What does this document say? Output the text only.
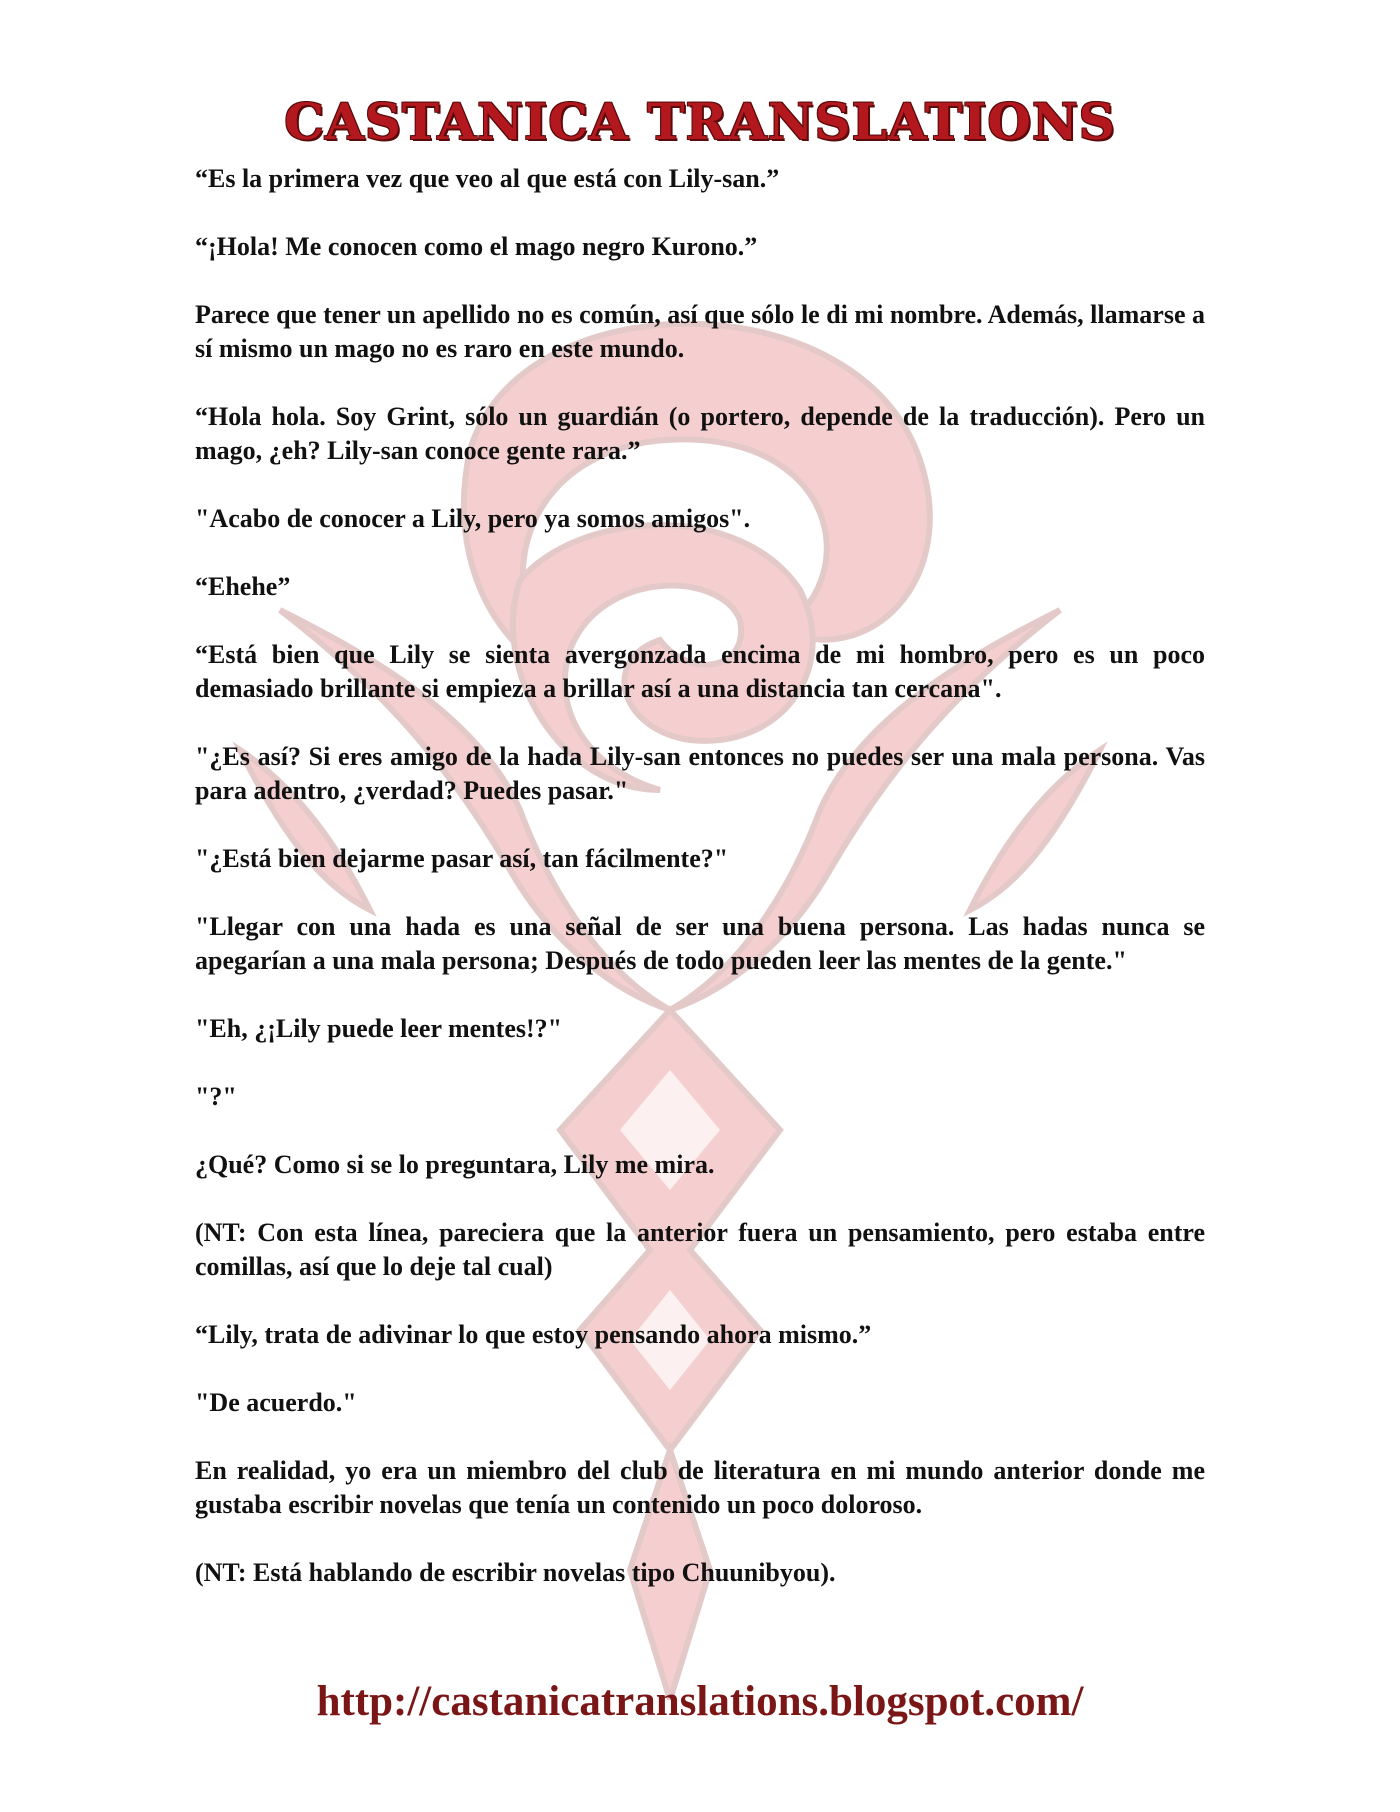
CASTANICA TRANSLATIONS

“Es la primera vez que veo al que está con Lily-san.”

“¡Hola! Me conocen como el mago negro Kurono.”

Parece que tener un apellido no es común, así que sólo le di mi nombre. Además, llamarse a sí mismo un mago no es raro en este mundo.

“Hola hola. Soy Grint, sólo un guardián (o portero, depende de la traducción). Pero un mago, ¿eh? Lily-san conoce gente rara.”

"Acabo de conocer a Lily, pero ya somos amigos".

“Ehehe”

“Está bien que Lily se sienta avergonzada encima de mi hombro, pero es un poco demasiado brillante si empieza a brillar así a una distancia tan cercana".

"¿Es así? Si eres amigo de la hada Lily-san entonces no puedes ser una mala persona. Vas para adentro, ¿verdad? Puedes pasar."

"¿Está bien dejarme pasar así, tan fácilmente?"

"Llegar con una hada es una señal de ser una buena persona. Las hadas nunca se apegarían a una mala persona; Después de todo pueden leer las mentes de la gente."

"Eh, ¿¡Lily puede leer mentes!?"

"?"

¿Qué? Como si se lo preguntara, Lily me mira.

(NT: Con esta línea, pareciera que la anterior fuera un pensamiento, pero estaba entre comillas, así que lo deje tal cual)

“Lily, trata de adivinar lo que estoy pensando ahora mismo.”

"De acuerdo."

En realidad, yo era un miembro del club de literatura en mi mundo anterior donde me gustaba escribir novelas que tenía un contenido un poco doloroso.

(NT: Está hablando de escribir novelas tipo Chuunibyou).

http://castanicatranslations.blogspot.com/
